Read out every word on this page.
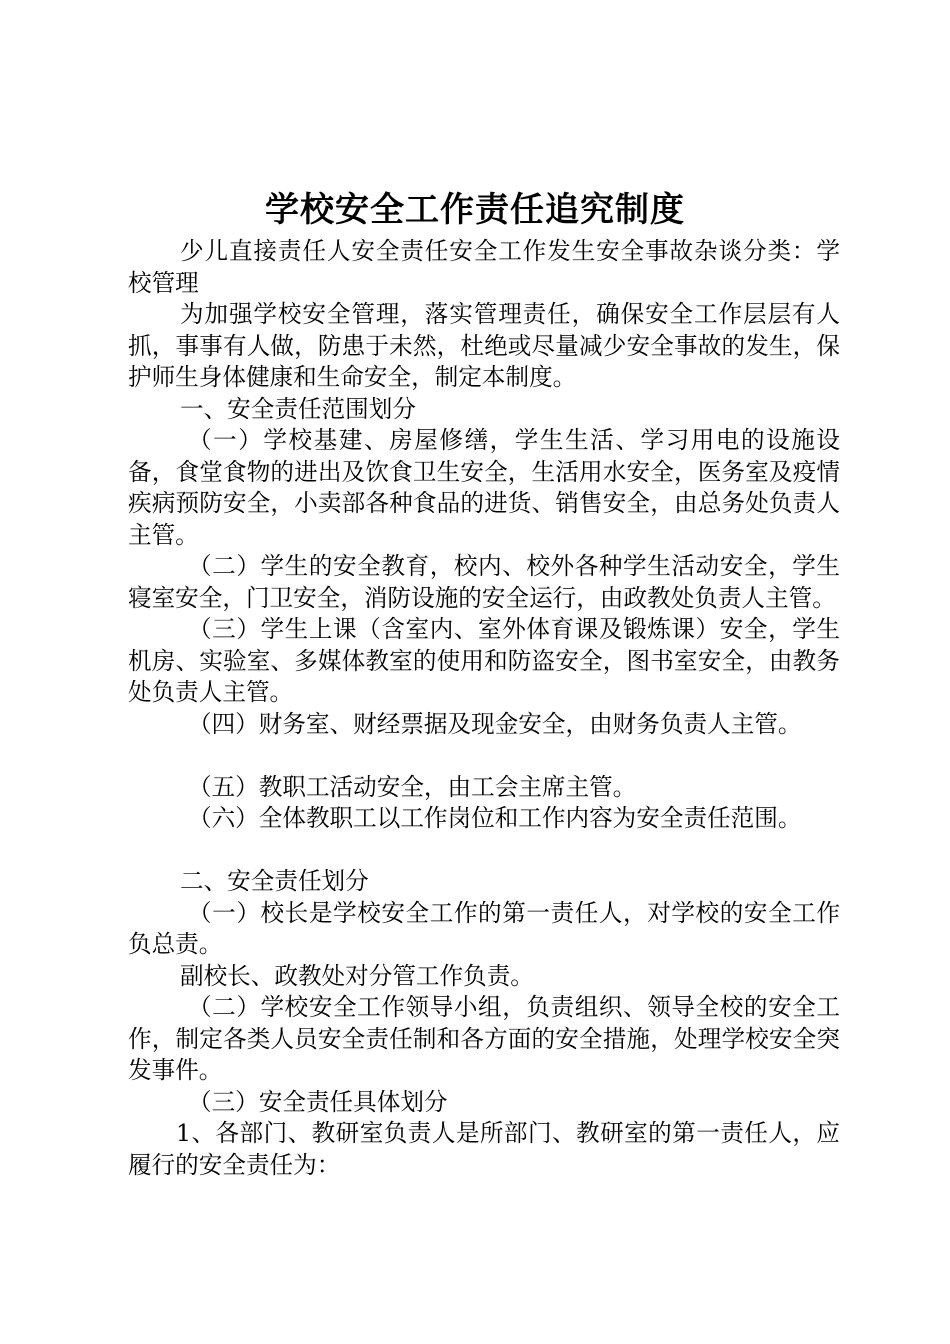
学校安全工作责任追究制度

少儿直接责任人安全责任安全工作发生安全事故杂谈分类：学校管理

为加强学校安全管理，落实管理责任，确保安全工作层层有人抓，事事有人做，防患于未然，杜绝或尽量减少安全事故的发生，保护师生身体健康和生命安全，制定本制度。

一、安全责任范围划分

（一）学校基建、房屋修缮，学生生活、学习用电的设施设备，食堂食物的进出及饮食卫生安全，生活用水安全，医务室及疫情疾病预防安全，小卖部各种食品的进货、销售安全，由总务处负责人主管。

（二）学生的安全教育，校内、校外各种学生活动安全，学生寝室安全，门卫安全，消防设施的安全运行，由政教处负责人主管。

（三）学生上课（含室内、室外体育课及锻炼课）安全，学生机房、实验室、多媒体教室的使用和防盗安全，图书室安全，由教务处负责人主管。

（四）财务室、财经票据及现金安全，由财务负责人主管。

（五）教职工活动安全，由工会主席主管。

（六）全体教职工以工作岗位和工作内容为安全责任范围。

二、安全责任划分

（一）校长是学校安全工作的第一责任人，对学校的安全工作负总责。

副校长、政教处对分管工作负责。

（二）学校安全工作领导小组，负责组织、领导全校的安全工作，制定各类人员安全责任制和各方面的安全措施，处理学校安全突发事件。

（三）安全责任具体划分

1、各部门、教研室负责人是所部门、教研室的第一责任人，应履行的安全责任为：
